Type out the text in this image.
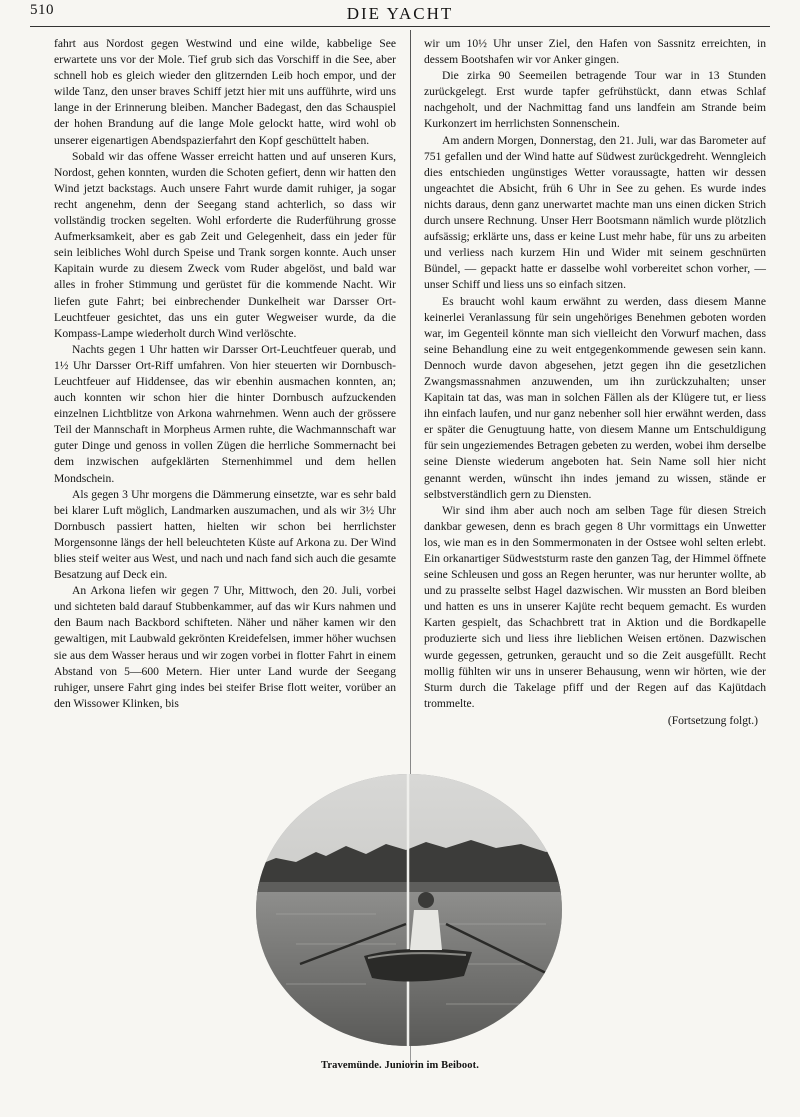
510	DIE YACHT

fahrt aus Nordost gegen Westwind und eine wilde, kabbelige See erwartete uns vor der Mole. Tief grub sich das Vorschiff in die See, aber schnell hob es gleich wieder den glitzernden Leib hoch empor, und der wilde Tanz, den unser braves Schiff jetzt hier mit uns aufführte, wird uns lange in der Erinnerung bleiben. Mancher Badegast, den das Schauspiel der hohen Brandung auf die lange Mole gelockt hatte, wird wohl ob unserer eigenartigen Abendspazierfahrt den Kopf geschüttelt haben.

Sobald wir das offene Wasser erreicht hatten und auf unseren Kurs, Nordost, gehen konnten, wurden die Schoten gefiert, denn wir hatten den Wind jetzt backstags. Auch unsere Fahrt wurde damit ruhiger, ja sogar recht angenehm, denn der Seegang stand achterlich, so dass wir vollständig trocken segelten. Wohl erforderte die Ruderführung grosse Aufmerksamkeit, aber es gab Zeit und Gelegenheit, dass ein jeder für sein leibliches Wohl durch Speise und Trank sorgen konnte. Auch unser Kapitain wurde zu diesem Zweck vom Ruder abgelöst, und bald war alles in froher Stimmung und gerüstet für die kommende Nacht. Wir liefen gute Fahrt; bei einbrechender Dunkelheit war Darsser Ort-Leuchtfeuer gesichtet, das uns ein guter Wegweiser wurde, da die Kompass-Lampe wiederholt durch Wind verlöschte.

Nachts gegen 1 Uhr hatten wir Darsser Ort-Leuchtfeuer querab, und 1½ Uhr Darsser Ort-Riff umfahren. Von hier steuerten wir Dornbusch-Leuchtfeuer auf Hiddensee, das wir ebenhin ausmachen konnten, an; auch konnten wir schon hier die hinter Dornbusch aufzuckenden einzelnen Lichtblitze von Arkona wahrnehmen. Wenn auch der grössere Teil der Mannschaft in Morpheus Armen ruhte, die Wachmannschaft war guter Dinge und genoss in vollen Zügen die herrliche Sommernacht bei dem inzwischen aufgeklärten Sternenhimmel und dem hellen Mondschein.

Als gegen 3 Uhr morgens die Dämmerung einsetzte, war es sehr bald bei klarer Luft möglich, Landmarken auszumachen, und als wir 3½ Uhr Dornbusch passiert hatten, hielten wir schon bei herrlichster Morgensonne längs der hell beleuchteten Küste auf Arkona zu. Der Wind blies steif weiter aus West, und nach und nach fand sich auch die gesamte Besatzung auf Deck ein.

An Arkona liefen wir gegen 7 Uhr, Mittwoch, den 20. Juli, vorbei und sichteten bald darauf Stubbenkammer, auf das wir Kurs nahmen und den Baum nach Backbord schifteten. Näher und näher kamen wir den gewaltigen, mit Laubwald gekrönten Kreidefelsen, immer höher wuchsen sie aus dem Wasser heraus und wir zogen vorbei in flotter Fahrt in einem Abstand von 5—600 Metern. Hier unter Land wurde der Seegang ruhiger, unsere Fahrt ging indes bei steifer Brise flott weiter, vorüber an den Wissower Klinken, bis

wir um 10½ Uhr unser Ziel, den Hafen von Sassnitz erreichten, in dessem Bootshafen wir vor Anker gingen.

Die zirka 90 Seemeilen betragende Tour war in 13 Stunden zurückgelegt. Erst wurde tapfer gefrühstückt, dann etwas Schlaf nachgeholt, und der Nachmittag fand uns landfein am Strande beim Kurkonzert im herrlichsten Sonnenschein.

Am andern Morgen, Donnerstag, den 21. Juli, war das Barometer auf 751 gefallen und der Wind hatte auf Südwest zurückgedreht. Wenngleich dies entschieden ungünstiges Wetter voraussagte, hatten wir dessen ungeachtet die Absicht, früh 6 Uhr in See zu gehen. Es wurde indes nichts daraus, denn ganz unerwartet machte man uns einen dicken Strich durch unsere Rechnung. Unser Herr Bootsmann nämlich wurde plötzlich aufsässig; erklärte uns, dass er keine Lust mehr habe, für uns zu arbeiten und verliess nach kurzem Hin und Wider mit seinem geschnürten Bündel, — gepackt hatte er dasselbe wohl vorbereitet schon vorher, — unser Schiff und liess uns so einfach sitzen.

Es braucht wohl kaum erwähnt zu werden, dass diesem Manne keinerlei Veranlassung für sein ungehöriges Benehmen geboten worden war, im Gegenteil könnte man sich vielleicht den Vorwurf machen, dass seine Behandlung eine zu weit entgegenkommende gewesen sein kann. Dennoch wurde davon abgesehen, jetzt gegen ihn die gesetzlichen Zwangsmassnahmen anzuwenden, um ihn zurückzuhalten; unser Kapitain tat das, was man in solchen Fällen als der Klügere tut, er liess ihn einfach laufen, und nur ganz nebenher soll hier erwähnt werden, dass er später die Genugtuung hatte, von diesem Manne um Entschuldigung für sein ungeziemendes Betragen gebeten zu werden, wobei ihm derselbe seine Dienste wiederum angeboten hat. Sein Name soll hier nicht genannt werden, wünscht ihn indes jemand zu wissen, stände er selbstverständlich gern zu Diensten.

Wir sind ihm aber auch noch am selben Tage für diesen Streich dankbar gewesen, denn es brach gegen 8 Uhr vormittags ein Unwetter los, wie man es in den Sommermonaten in der Ostsee wohl selten erlebt. Ein orkanartiger Südweststurm raste den ganzen Tag, der Himmel öffnete seine Schleusen und goss an Regen herunter, was nur herunter wollte, ab und zu prasselte selbst Hagel dazwischen. Wir mussten an Bord bleiben und hatten es uns in unserer Kajüte recht bequem gemacht. Es wurden Karten gespielt, das Schachbrett trat in Aktion und die Bordkapelle produzierte sich und liess ihre lieblichen Weisen ertönen. Dazwischen wurde gegessen, getrunken, geraucht und so die Zeit ausgefüllt. Recht mollig fühlten wir uns in unserer Behausung, wenn wir hörten, wie der Sturm durch die Takelage pfiff und der Regen auf das Kajütdach trommelte.

(Fortsetzung folgt.)
Travemünde. Juniorin im Beiboot.
